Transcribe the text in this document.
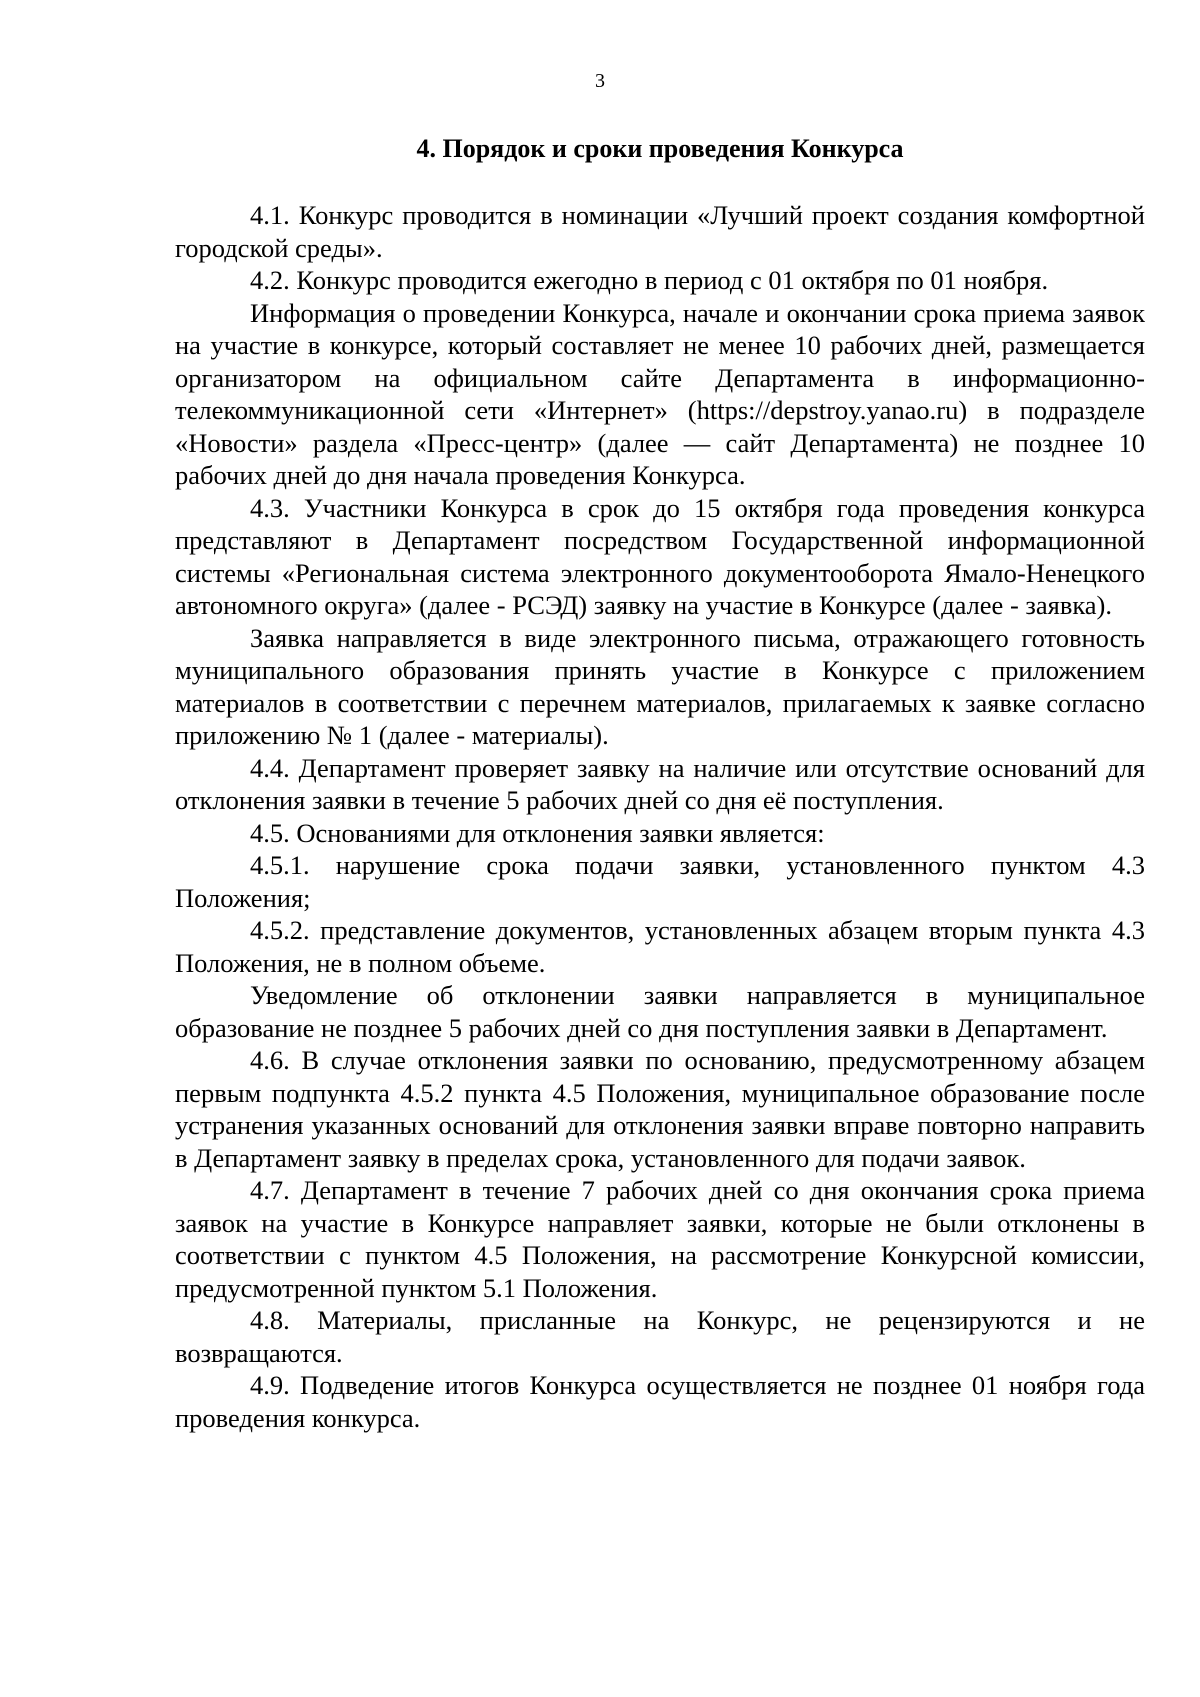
3
4. Порядок и сроки проведения Конкурса

4.1. Конкурс проводится в номинации «Лучший проект создания комфортной городской среды».

4.2. Конкурс проводится ежегодно в период с 01 октября по 01 ноября.

Информация о проведении Конкурса, начале и окончании срока приема заявок на участие в конкурсе, который составляет не менее 10 рабочих дней, размещается организатором на официальном сайте Департамента в информационно-телекоммуникационной сети «Интернет» (https://depstroy.yanao.ru) в подразделе «Новости» раздела «Пресс-центр» (далее — сайт Департамента) не позднее 10 рабочих дней до дня начала проведения Конкурса.

4.3. Участники Конкурса в срок до 15 октября года проведения конкурса представляют в Департамент посредством Государственной информационной системы «Региональная система электронного документооборота Ямало-Ненецкого автономного округа» (далее - РСЭД) заявку на участие в Конкурсе (далее - заявка).

Заявка направляется в виде электронного письма, отражающего готовность муниципального образования принять участие в Конкурсе с приложением материалов в соответствии с перечнем материалов, прилагаемых к заявке согласно приложению № 1 (далее - материалы).

4.4. Департамент проверяет заявку на наличие или отсутствие оснований для отклонения заявки в течение 5 рабочих дней со дня её поступления.

4.5. Основаниями для отклонения заявки является:

4.5.1. нарушение срока подачи заявки, установленного пунктом 4.3 Положения;

4.5.2. представление документов, установленных абзацем вторым пункта 4.3 Положения, не в полном объеме.

Уведомление об отклонении заявки направляется в муниципальное образование не позднее 5 рабочих дней со дня поступления заявки в Департамент.

4.6. В случае отклонения заявки по основанию, предусмотренному абзацем первым подпункта 4.5.2 пункта 4.5 Положения, муниципальное образование после устранения указанных оснований для отклонения заявки вправе повторно направить в Департамент заявку в пределах срока, установленного для подачи заявок.

4.7. Департамент в течение 7 рабочих дней со дня окончания срока приема заявок на участие в Конкурсе направляет заявки, которые не были отклонены в соответствии с пунктом 4.5 Положения, на рассмотрение Конкурсной комиссии, предусмотренной пунктом 5.1 Положения.

4.8. Материалы, присланные на Конкурс, не рецензируются и не возвращаются.

4.9. Подведение итогов Конкурса осуществляется не позднее 01 ноября года проведения конкурса.
